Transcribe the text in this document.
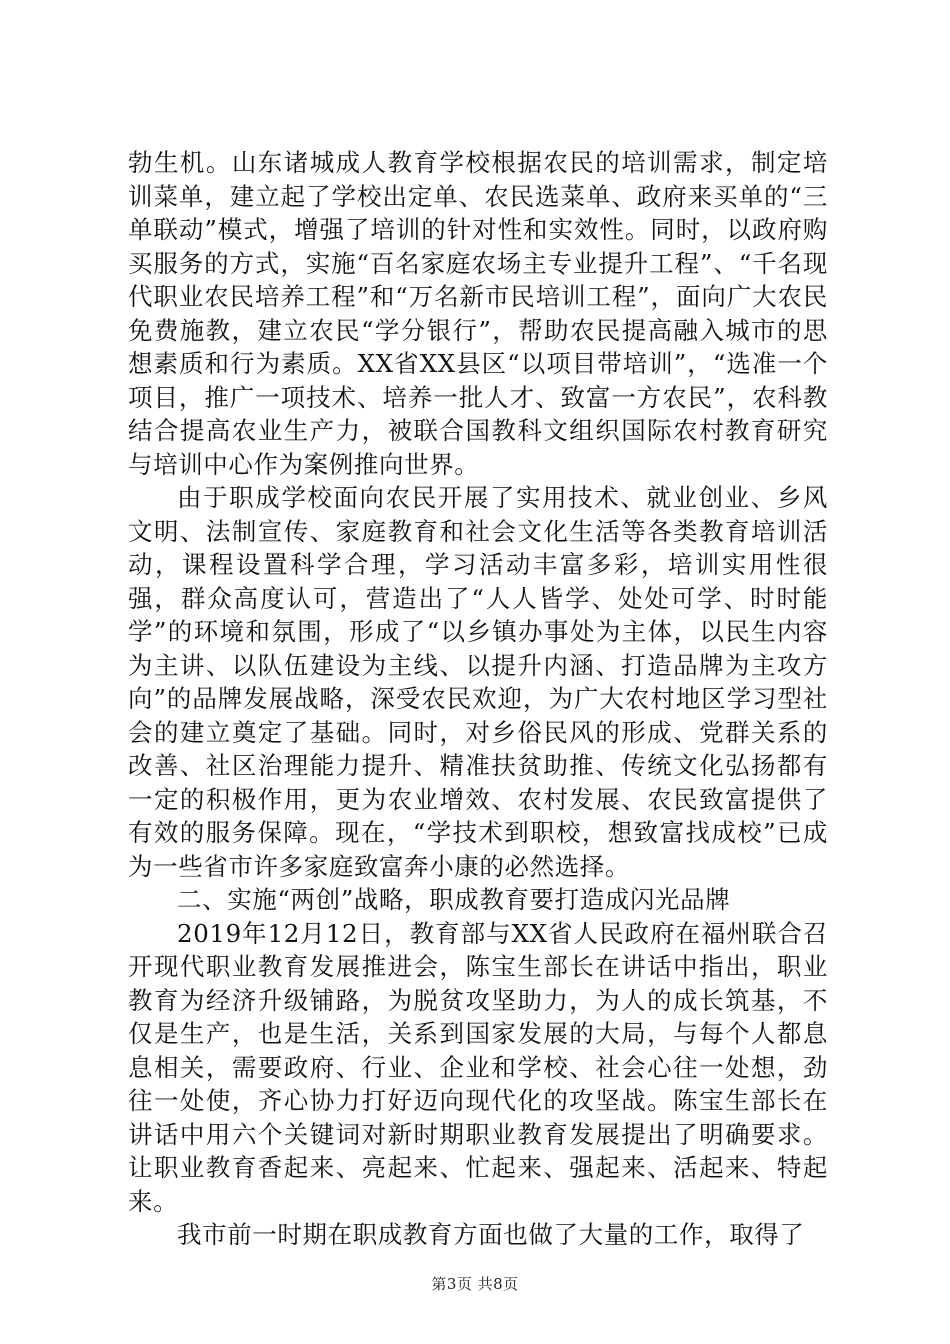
勃生机。山东诸城成人教育学校根据农民的培训需求，制定培训菜单，建立起了学校出定单、农民选菜单、政府来买单的“三单联动”模式，增强了培训的针对性和实效性。同时，以政府购买服务的方式，实施“百名家庭农场主专业提升工程”、“千名现代职业农民培养工程”和“万名新市民培训工程”，面向广大农民免费施教，建立农民“学分银行”，帮助农民提高融入城市的思想素质和行为素质。XX省XX县区“以项目带培训”，“选准一个项目，推广一项技术、培养一批人才、致富一方农民”，农科教结合提高农业生产力，被联合国教科文组织国际农村教育研究与培训中心作为案例推向世界。

由于职成学校面向农民开展了实用技术、就业创业、乡风文明、法制宣传、家庭教育和社会文化生活等各类教育培训活动，课程设置科学合理，学习活动丰富多彩，培训实用性很强，群众高度认可，营造出了“人人皆学、处处可学、时时能学”的环境和氛围，形成了“以乡镇办事处为主体，以民生内容为主讲、以队伍建设为主线、以提升内涵、打造品牌为主攻方向”的品牌发展战略，深受农民欢迎，为广大农村地区学习型社会的建立奠定了基础。同时，对乡俗民风的形成、党群关系的改善、社区治理能力提升、精准扶贫助推、传统文化弘扬都有一定的积极作用，更为农业增效、农村发展、农民致富提供了有效的服务保障。现在，“学技术到职校，想致富找成校”已成为一些省市许多家庭致富奔小康的必然选择。

二、实施“两创”战略，职成教育要打造成闪光品牌

2019年12月12日，教育部与XX省人民政府在福州联合召开现代职业教育发展推进会，陈宝生部长在讲话中指出，职业教育为经济升级铺路，为脱贫攻坚助力，为人的成长筑基，不仅是生产，也是生活，关系到国家发展的大局，与每个人都息息相关，需要政府、行业、企业和学校、社会心往一处想，劲往一处使，齐心协力打好迈向现代化的攻坚战。陈宝生部长在讲话中用六个关键词对新时期职业教育发展提出了明确要求。让职业教育香起来、亮起来、忙起来、强起来、活起来、特起来。

我市前一时期在职成教育方面也做了大量的工作，取得了

第3页 共8页
